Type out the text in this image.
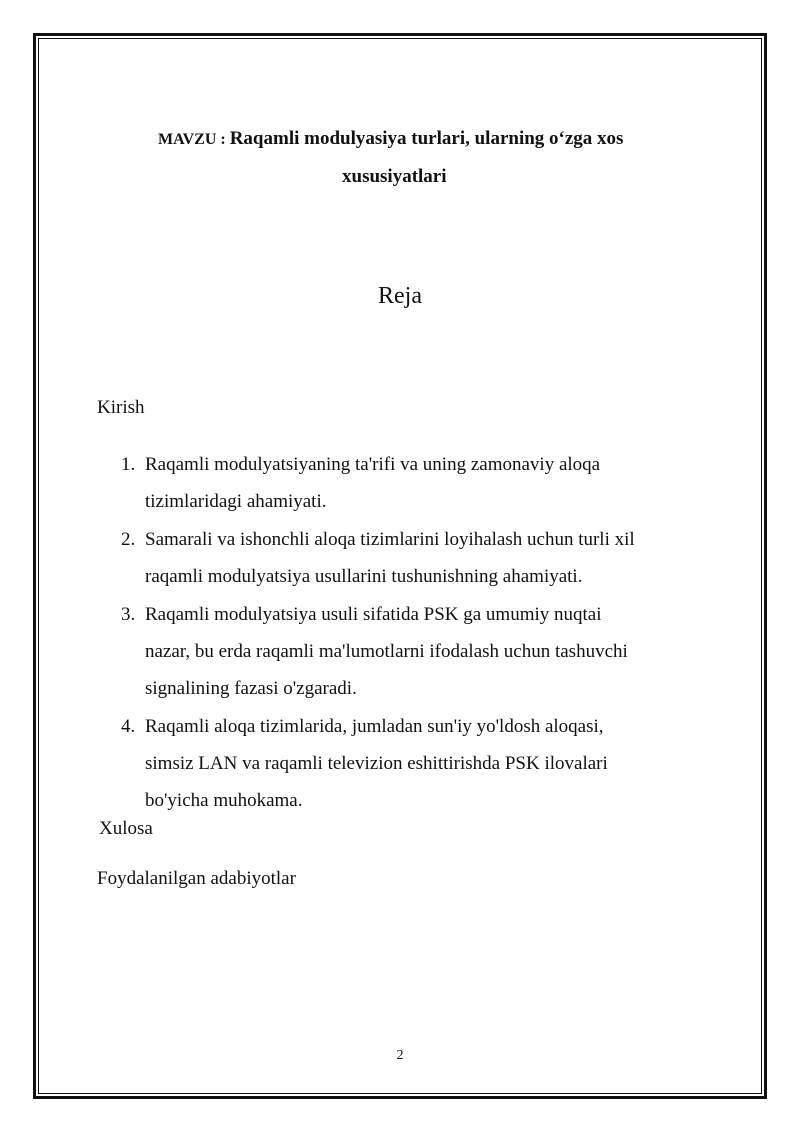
MAVZU : Raqamli modulyasiya turlari, ularning o‘zga xos
xususiyatlari
Reja
Kirish
1. Raqamli modulyatsiyaning ta'rifi va uning zamonaviy aloqa
tizimlaridagi ahamiyati.
2. Samarali va ishonchli aloqa tizimlarini loyihalash uchun turli xil
raqamli modulyatsiya usullarini tushunishning ahamiyati.
3. Raqamli modulyatsiya usuli sifatida PSK ga umumiy nuqtai
nazar, bu erda raqamli ma'lumotlarni ifodalash uchun tashuvchi
signalining fazasi o'zgaradi.
4. Raqamli aloqa tizimlarida, jumladan sun'iy yo'ldosh aloqasi,
simsiz LAN va raqamli televizion eshittirishda PSK ilovalari
bo'yicha muhokama.
Xulosa
Foydalanilgan adabiyotlar
2
